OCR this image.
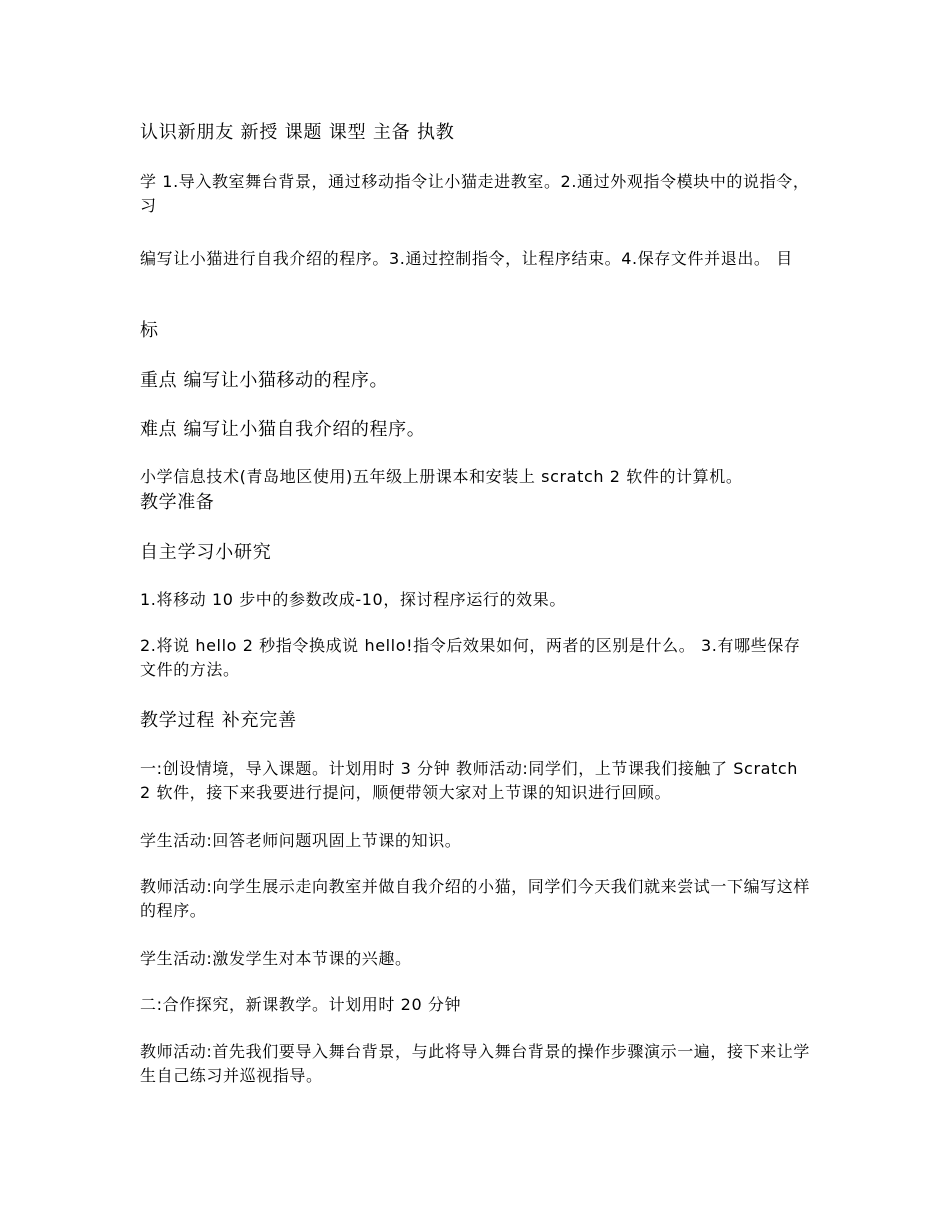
认识新朋友 新授 课题 课型 主备 执教

学 1.导入教室舞台背景，通过移动指令让小猫走进教室。2.通过外观指令模块中的说指令，习

编写让小猫进行自我介绍的程序。3.通过控制指令，让程序结束。4.保存文件并退出。 目

标

重点 编写让小猫移动的程序。

难点 编写让小猫自我介绍的程序。

小学信息技术(青岛地区使用)五年级上册课本和安装上 scratch 2 软件的计算机。

教学准备

自主学习小研究

1.将移动 10 步中的参数改成-10，探讨程序运行的效果。

2.将说 hello 2 秒指令换成说 hello!指令后效果如何，两者的区别是什么。 3.有哪些保存文件的方法。

教学过程 补充完善

一:创设情境，导入课题。计划用时 3 分钟 教师活动:同学们，上节课我们接触了 Scratch 2 软件，接下来我要进行提问，顺便带领大家对上节课的知识进行回顾。

学生活动:回答老师问题巩固上节课的知识。

教师活动:向学生展示走向教室并做自我介绍的小猫，同学们今天我们就来尝试一下编写这样的程序。

学生活动:激发学生对本节课的兴趣。

二:合作探究，新课教学。计划用时 20 分钟

教师活动:首先我们要导入舞台背景，与此将导入舞台背景的操作步骤演示一遍，接下来让学生自己练习并巡视指导。
